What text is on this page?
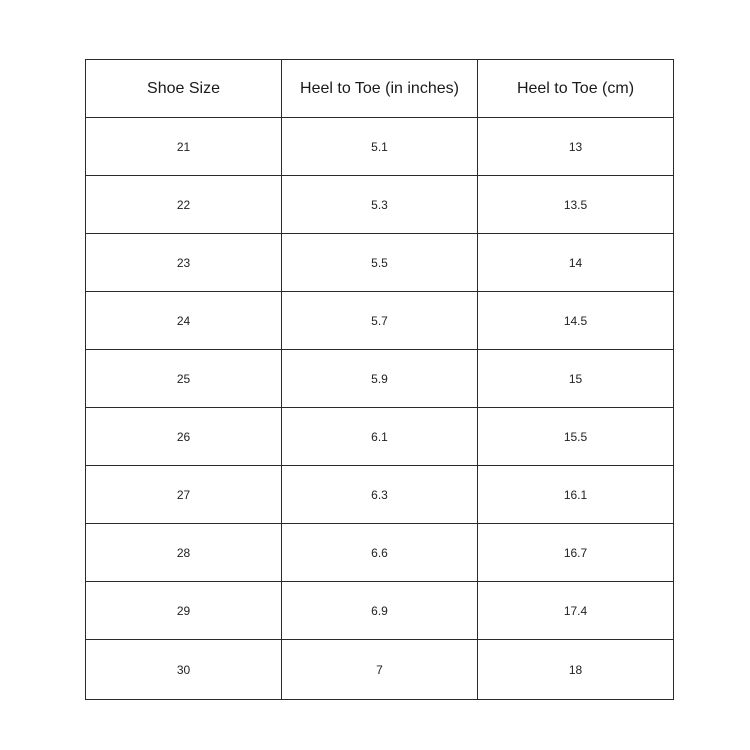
Shoe Size	Heel to Toe (in inches)	Heel to Toe (cm)
21	5.1	13
22	5.3	13.5
23	5.5	14
24	5.7	14.5
25	5.9	15
26	6.1	15.5
27	6.3	16.1
28	6.6	16.7
29	6.9	17.4
30	7	18
